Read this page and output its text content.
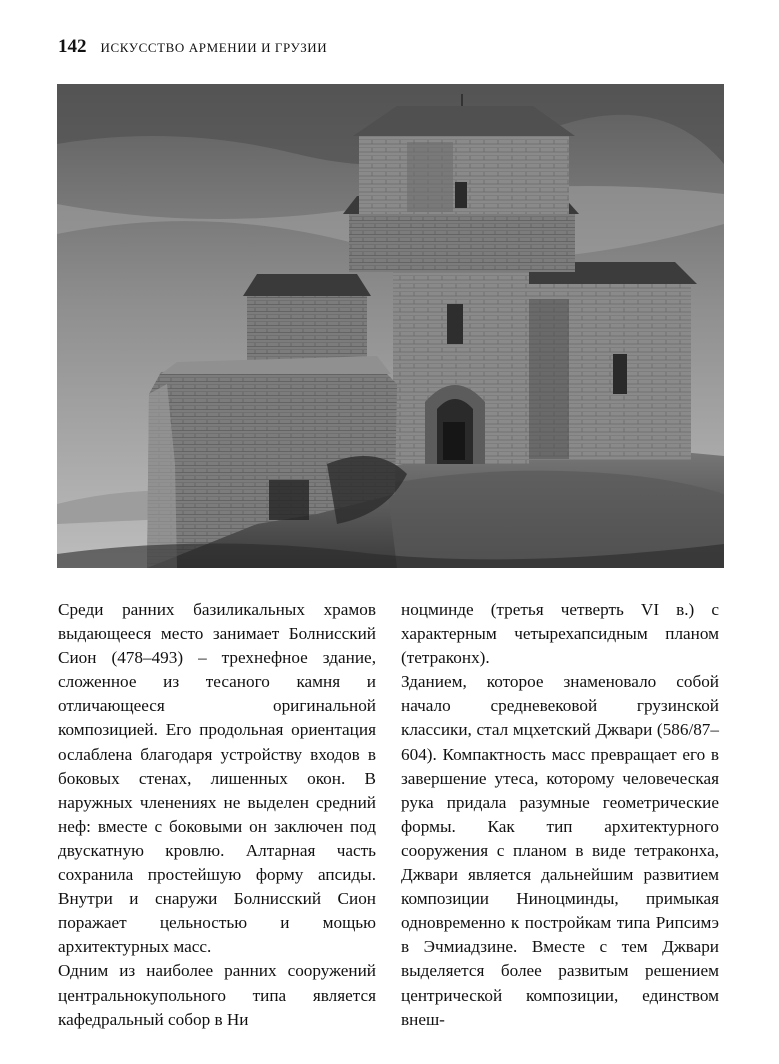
142 ИСКУССТВО АРМЕНИИ И ГРУЗИИ

Среди ранних базиликальных храмов выдающееся место занимает Болнисский Сион (478–493) – трехнефное здание, сложенное из тесаного камня и отличающееся оригинальной композицией. Его продольная ориентация ослаблена благодаря устройству входов в боковых стенах, лишенных окон. В наружных членениях не выделен средний неф: вместе с боковыми он заключен под двускатную кровлю. Алтарная часть сохранила простейшую форму апсиды. Внутри и снаружи Болнисский Сион поражает цельностью и мощью архитектурных масс.

Одним из наиболее ранних сооружений центральнокупольного типа является кафедральный собор в Ни

ноцминде (третья четверть VI в.) с характерным четырехапсидным планом (тетраконх).

Зданием, которое знаменовало собой начало средневековой грузинской классики, стал мцхетский Джвари (586/87–604). Компактность масс превращает его в завершение утеса, которому человеческая рука придала разумные геометрические формы. Как тип архитектурного сооружения с планом в виде тетраконха, Джвари является дальнейшим развитием композиции Ниноцминды, примыкая одновременно к постройкам типа Рипсимэ в Эчмиадзине. Вместе с тем Джвари выделяется более развитым решением центрической композиции, единством внеш-
